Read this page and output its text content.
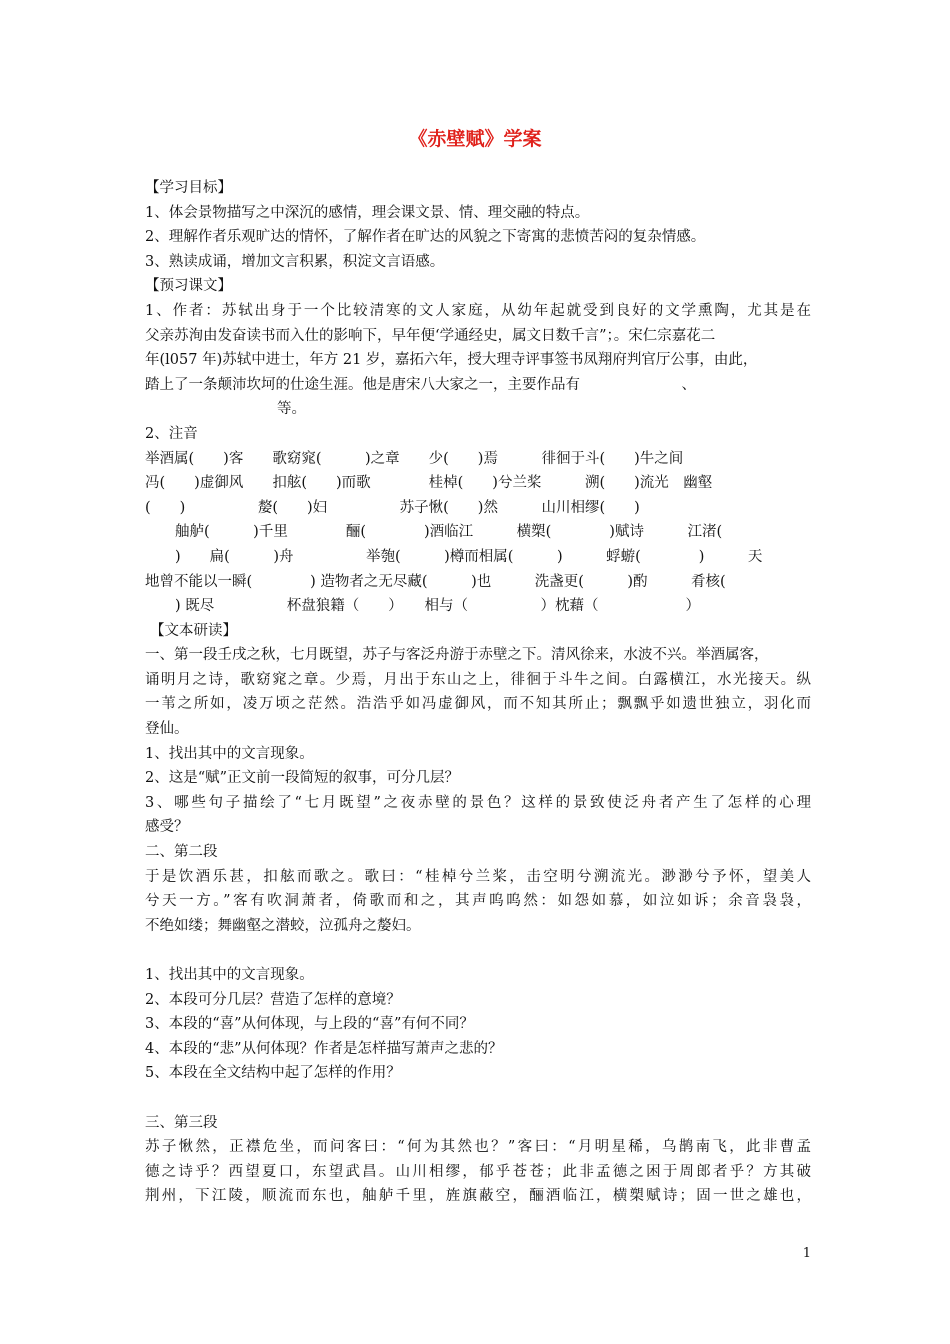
《赤壁赋》学案
【学习目标】
1、体会景物描写之中深沉的感情，理会课文景、情、理交融的特点。
2、理解作者乐观旷达的情怀，了解作者在旷达的风貌之下寄寓的悲愤苦闷的复杂情感。
3、熟读成诵，增加文言积累，积淀文言语感。
【预习课文】
1、作者：苏轼出身于一个比较清寒的文人家庭，从幼年起就受到良好的文学熏陶，尤其是在
父亲苏洵由发奋读书而入仕的影响下，早年便‘学通经史，属文日数千言”；。宋仁宗嘉花二
年(l057 年)苏轼中进士，年方 21 岁，嘉拓六年，授大理寺评事签书凤翔府判官厅公事，由此，
踏上了一条颠沛坎坷的仕途生涯。他是唐宋八大家之一，主要作品有　　　　　　　、
等。
2、注音
举酒属(　　)客　　歌窈窕(　　　)之章　　少(　　)焉　　　徘徊于斗(　　)牛之间
冯(　　)虚御风　　扣舷(　　)而歌　　　　桂棹(　　)兮兰桨　　　溯(　　)流光　幽壑
(　　)　　　　　嫠(　　)妇　　　　　苏子愀(　　)然　　　山川相缪(　　)
舳舻(　　　)千里　　　　酾(　　　　)酒临江　　　横槊(　　　　)赋诗　　　江渚(
)　　扁(　　　)舟　　　　　举匏(　　　)樽而相属(　　　)　　　蜉蝣(　　　　)　　　天
地曾不能以一瞬(　　　　) 造物者之无尽藏(　　　)也　　　洗盏更(　　　)酌　　　肴核(
) 既尽　　　　　杯盘狼籍（　　）　　相与（　　　　　）枕藉（　　　　　　）
【文本研读】
一、第一段壬戌之秋，七月既望，苏子与客泛舟游于赤壁之下。清风徐来，水波不兴。举酒属客，
诵明月之诗，歌窈窕之章。少焉，月出于东山之上，徘徊于斗牛之间。白露横江，水光接天。纵
一苇之所如，凌万顷之茫然。浩浩乎如冯虚御风，而不知其所止；飘飘乎如遗世独立，羽化而
登仙。
1、找出其中的文言现象。
2、这是“赋”正文前一段简短的叙事，可分几层？
3、哪些句子描绘了“七月既望”之夜赤壁的景色？这样的景致使泛舟者产生了怎样的心理
感受？
二、第二段
于是饮酒乐甚，扣舷而歌之。歌曰：“桂棹兮兰桨，击空明兮溯流光。渺渺兮予怀，望美人
兮天一方。”客有吹洞萧者，倚歌而和之，其声呜呜然：如怨如慕，如泣如诉；余音袅袅，
不绝如缕；舞幽壑之潜蛟，泣孤舟之嫠妇。
1、找出其中的文言现象。
2、本段可分几层？营造了怎样的意境？
3、本段的“喜”从何体现，与上段的“喜”有何不同？
4、本段的“悲”从何体现？作者是怎样描写萧声之悲的？
5、本段在全文结构中起了怎样的作用？
三、第三段
苏子愀然，正襟危坐，而问客曰：“何为其然也？”客曰：“月明星稀，乌鹊南飞，此非曹孟
德之诗乎？西望夏口，东望武昌。山川相缪，郁乎苍苍；此非孟德之困于周郎者乎？方其破
荆州，下江陵，顺流而东也，舳舻千里，旌旗蔽空，酾酒临江，横槊赋诗；固一世之雄也，
1
